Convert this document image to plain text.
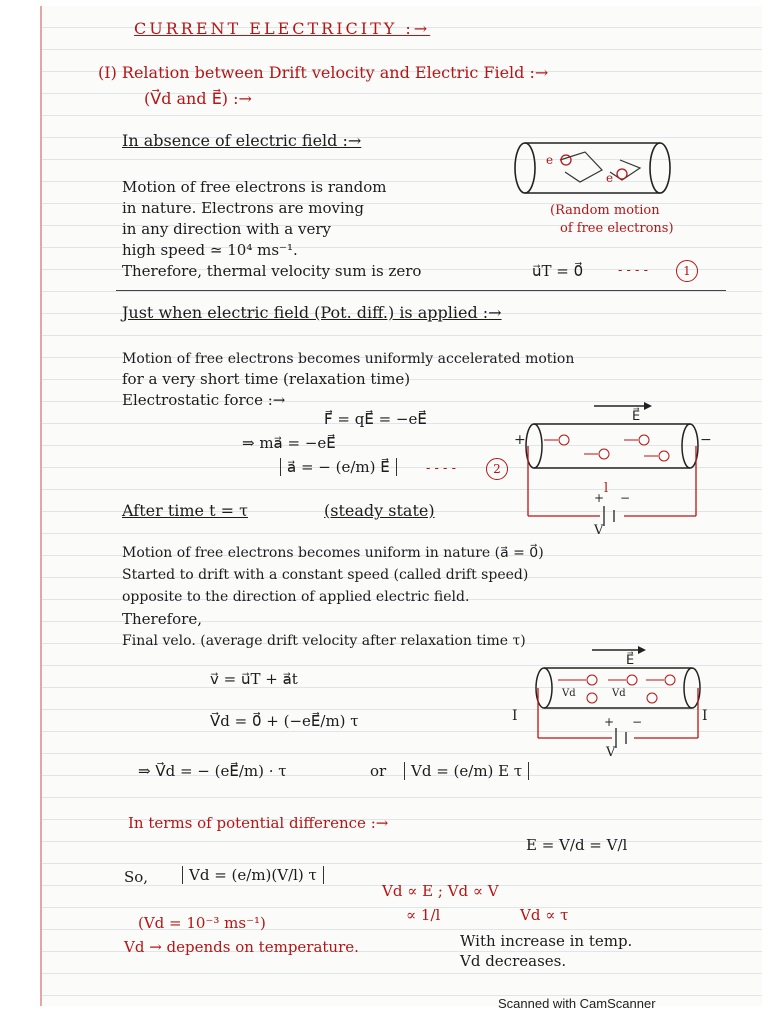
CURRENT ELECTRICITY :→
(I) Relation between Drift velocity and Electric Field :→
(V⃗d and E⃗) :→
In absence of electric field :→
Motion of free electrons is random
in nature. Electrons are moving
in any direction with a very
high speed ≃ 10⁴ ms⁻¹.
Therefore, thermal velocity sum is zero	u⃗T = 0⃗	- - - -	1
e
e
(Random motion
of free electrons)
Just when electric field (Pot. diff.) is applied :→
Motion of free electrons becomes uniformly accelerated motion
for a very short time (relaxation time)
Electrostatic force :→
F⃗ = qE⃗ = −eE⃗
⇒ ma⃗ = −eE⃗
a⃗ = − (e/m) E⃗	- - - -	2
E⃗
+	−
+ −
l
V
After time t = τ	(steady state)
Motion of free electrons becomes uniform in nature (a⃗ = 0⃗)
Started to drift with a constant speed (called drift speed)
opposite to the direction of applied electric field.
Therefore,
Final velo. (average drift velocity after relaxation time τ)
v⃗ = u⃗T + a⃗t
V⃗d = 0⃗ + (−eE⃗/m) τ
⇒ V⃗d = − (eE⃗/m) · τ	or	Vd = (e/m) E τ
E⃗
Vd	Vd
+ −
I	I
V
In terms of potential difference :→
E = V/d = V/l
So,	Vd = (e/m)(V/l) τ
Vd ∝ E ; Vd ∝ V
∝ 1/l	Vd ∝ τ
(Vd = 10⁻³ ms⁻¹)
Vd → depends on temperature.	With increase in temp.
Vd decreases.
Scanned with CamScanner
